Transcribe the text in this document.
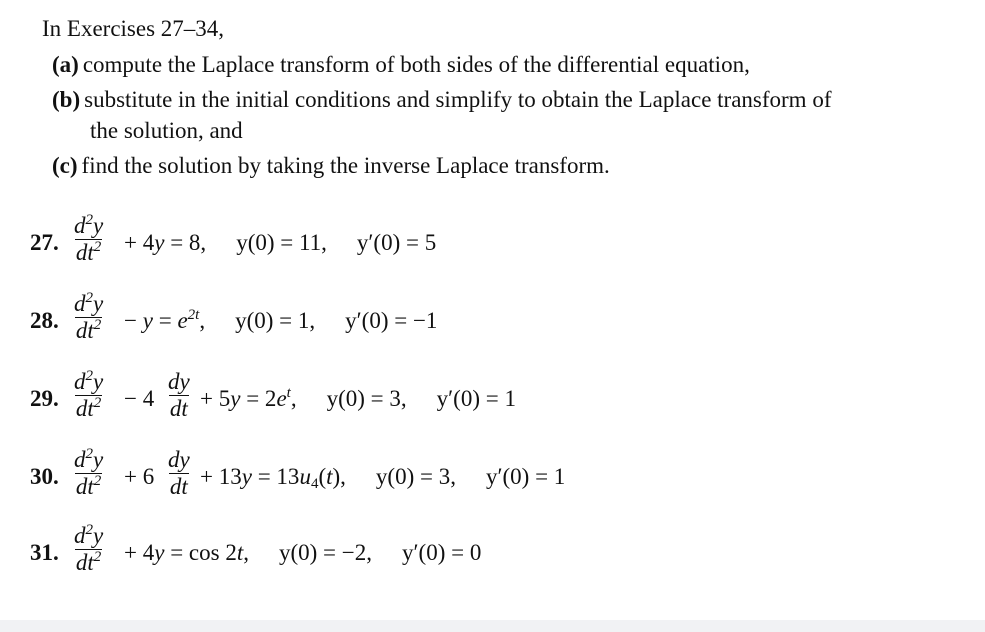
In Exercises 27–34,
(a) compute the Laplace transform of both sides of the differential equation,
(b) substitute in the initial conditions and simplify to obtain the Laplace transform of
the solution, and
(c) find the solution by taking the inverse Laplace transform.
27.
$d^2y$
$dt^2 + 4y = 8$, y(0) = 11, y′(0) = 5
28.
$d^2y$
$dt^2 - y = e^{2t}$, y(0) = 1, y′(0) = −1
29.
$d^2y$
$dt^2 - 4$
dy
dt + $5y = 2e^t$, y(0) = 3, y′(0) = 1
30.
$d^2y$
$dt^2 + 6$
dy
dt + $13y = 13u_4(t)$, y(0) = 3, y′(0) = 1
31.
$d^2y$
$dt^2 + 4y = \cos 2t$, y(0) = −2, y′(0) = 0
